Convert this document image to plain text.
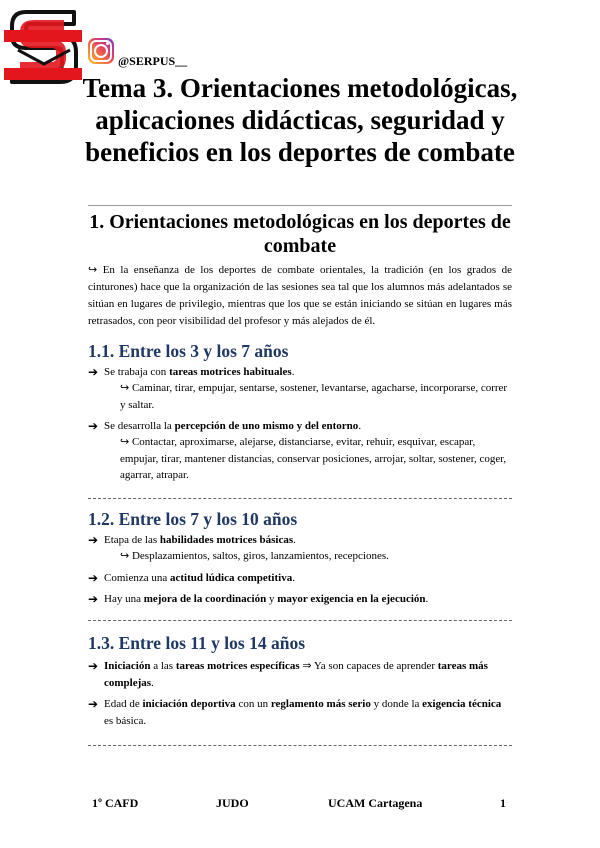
@SERPUS__
Tema 3. Orientaciones metodológicas, aplicaciones didácticas, seguridad y beneficios en los deportes de combate
1. Orientaciones metodológicas en los deportes de combate

↪ En la enseñanza de los deportes de combate orientales, la tradición (en los grados de cinturones) hace que la organización de las sesiones sea tal que los alumnos más adelantados se sitúan en lugares de privilegio, mientras que los que se están iniciando se sitúan en lugares más retrasados, con peor visibilidad del profesor y más alejados de él.

1.1. Entre los 3 y los 7 años
➔ Se trabaja con tareas motrices habituales.
↪ Caminar, tirar, empujar, sentarse, sostener, levantarse, agacharse, incorporarse, correr y saltar.
➔ Se desarrolla la percepción de uno mismo y del entorno.
↪ Contactar, aproximarse, alejarse, distanciarse, evitar, rehuir, esquivar, escapar, empujar, tirar, mantener distancias, conservar posiciones, arrojar, soltar, sostener, coger, agarrar, atrapar.
1.2. Entre los 7 y los 10 años
➔ Etapa de las habilidades motrices básicas.
↪ Desplazamientos, saltos, giros, lanzamientos, recepciones.
➔ Comienza una actitud lúdica competitiva.
➔ Hay una mejora de la coordinación y mayor exigencia en la ejecución.
1.3. Entre los 11 y los 14 años
➔ Iniciación a las tareas motrices específicas ⇒ Ya son capaces de aprender tareas más complejas.
➔ Edad de iniciación deportiva con un reglamento más serio y donde la exigencia técnica es básica.
1º CAFD	JUDO	UCAM Cartagena	1
